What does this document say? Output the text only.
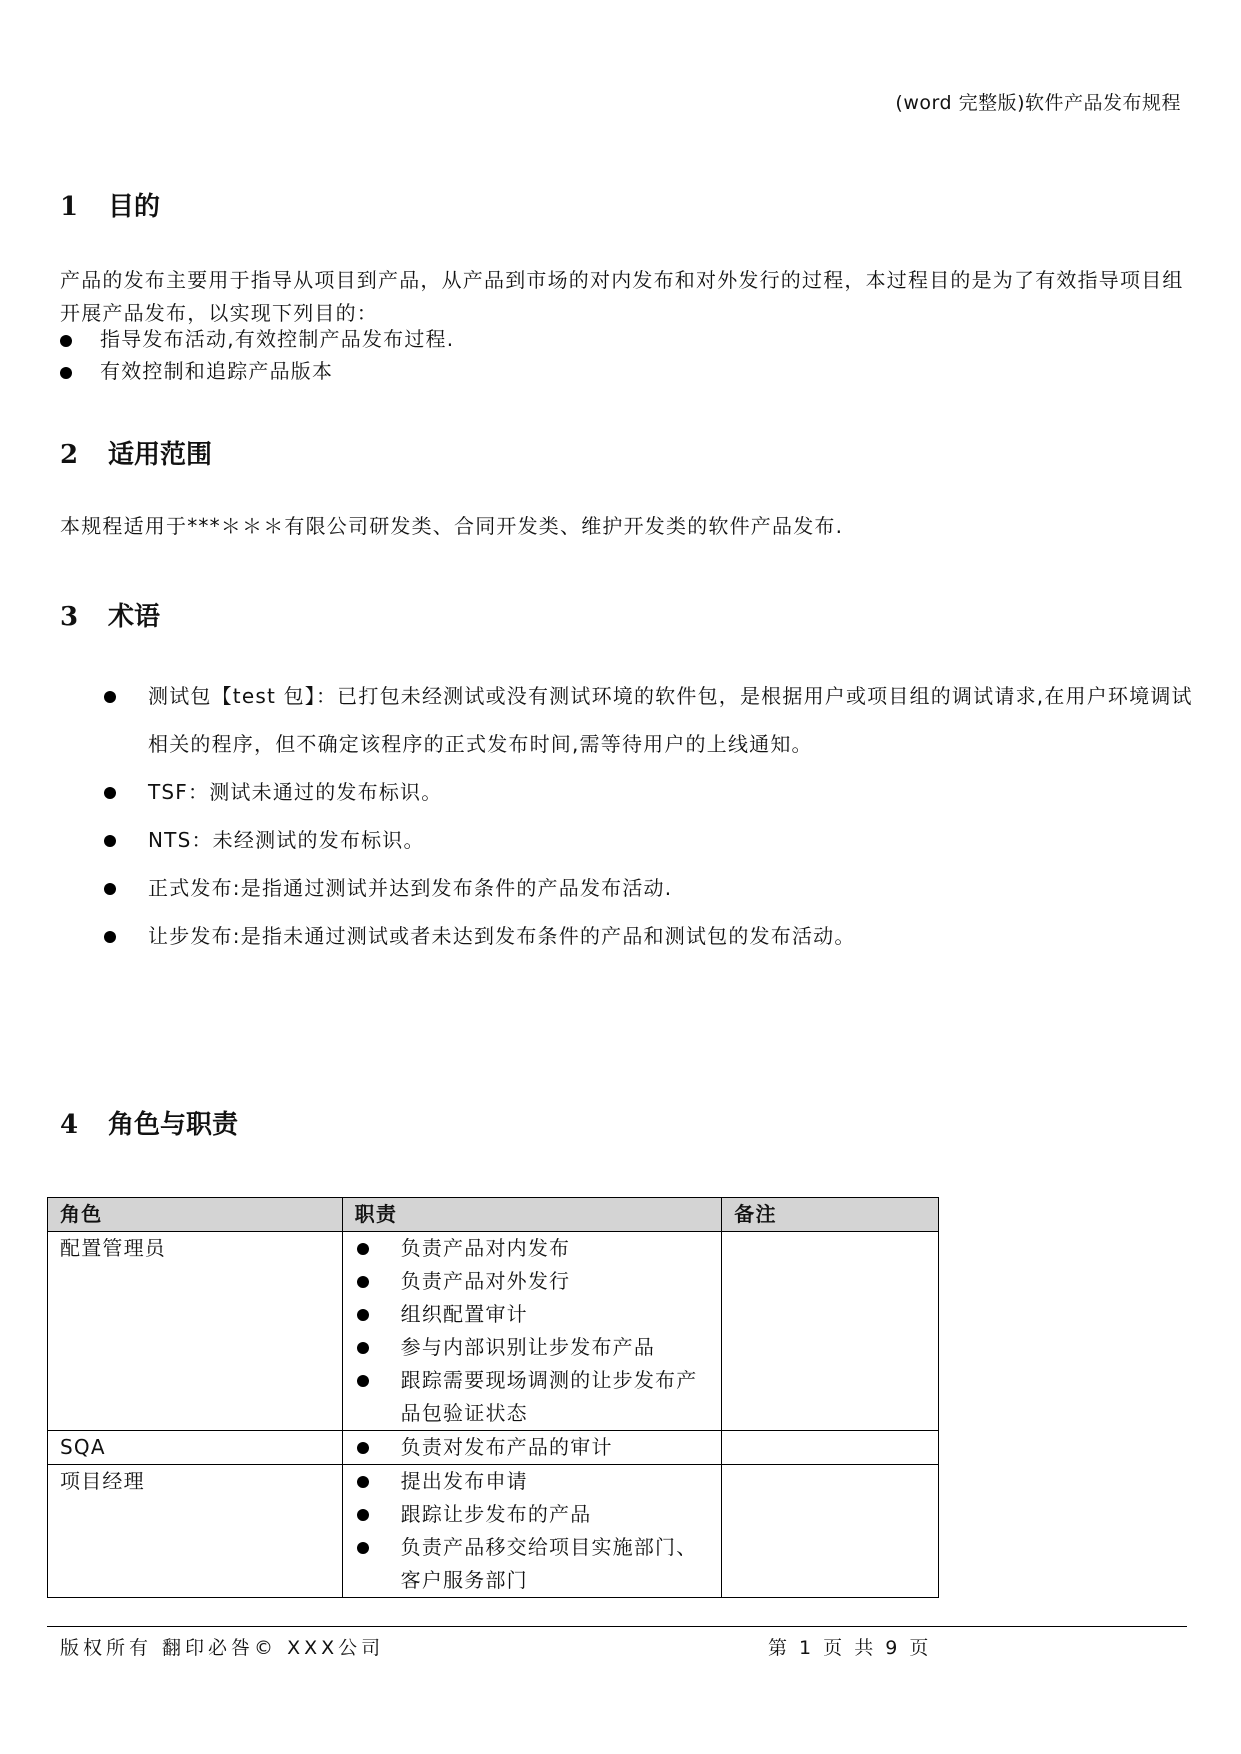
(word 完整版)软件产品发布规程
1 目的
产品的发布主要用于指导从项目到产品，从产品到市场的对内发布和对外发行的过程，本过程目的是为了有效指导项目组开展产品发布，以实现下列目的：
指导发布活动,有效控制产品发布过程.
有效控制和追踪产品版本
2 适用范围
本规程适用于***＊＊＊有限公司研发类、合同开发类、维护开发类的软件产品发布.
3 术语
测试包【test 包】：已打包未经测试或没有测试环境的软件包，是根据用户或项目组的调试请求,在用户环境调试相关的程序，但不确定该程序的正式发布时间,需等待用户的上线通知。
TSF：测试未通过的发布标识。
NTS：未经测试的发布标识。
正式发布:是指通过测试并达到发布条件的产品发布活动.
让步发布:是指未通过测试或者未达到发布条件的产品和测试包的发布活动。
4 角色与职责
角色	职责	备注
配置管理员	负责产品对内发布
负责产品对外发行
组织配置审计
参与内部识别让步发布产品
跟踪需要现场调测的让步发布产品包验证状态	

SQA	负责对发布产品的审计	

项目经理	提出发布申请
跟踪让步发布的产品
负责产品移交给项目实施部门、客户服务部门	

版权所有 翻印必咎© XXX公司	第 1 页 共 9 页
